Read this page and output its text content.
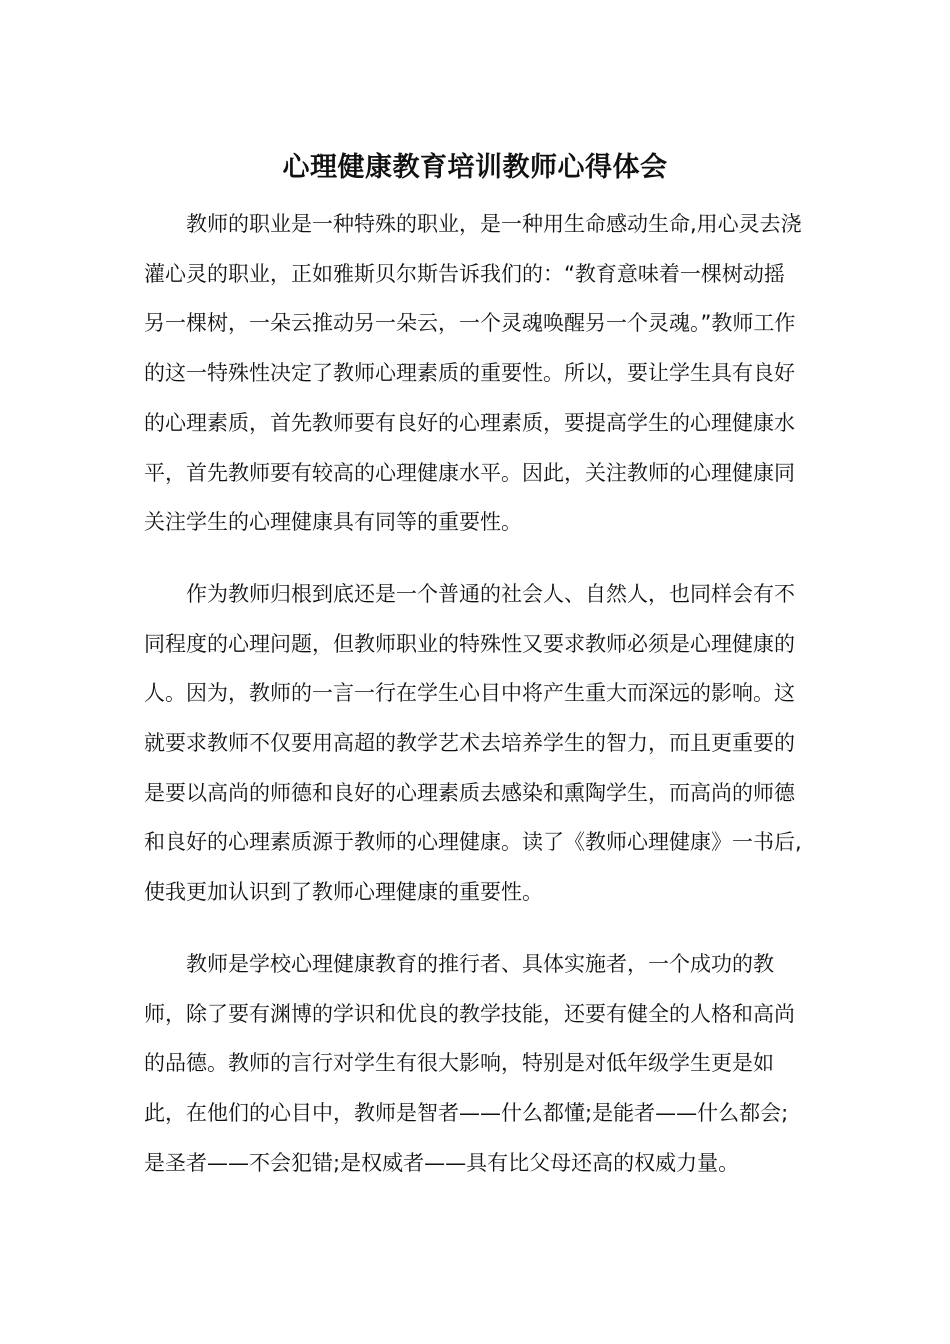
心理健康教育培训教师心得体会

教师的职业是一种特殊的职业，是一种用生命感动生命,用心灵去浇灌心灵的职业，正如雅斯贝尔斯告诉我们的：“教育意味着一棵树动摇另一棵树，一朵云推动另一朵云，一个灵魂唤醒另一个灵魂。”教师工作的这一特殊性决定了教师心理素质的重要性。所以，要让学生具有良好的心理素质，首先教师要有良好的心理素质，要提高学生的心理健康水平，首先教师要有较高的心理健康水平。因此，关注教师的心理健康同关注学生的心理健康具有同等的重要性。

作为教师归根到底还是一个普通的社会人、自然人，也同样会有不同程度的心理问题，但教师职业的特殊性又要求教师必须是心理健康的人。因为，教师的一言一行在学生心目中将产生重大而深远的影响。这就要求教师不仅要用高超的教学艺术去培养学生的智力，而且更重要的是要以高尚的师德和良好的心理素质去感染和熏陶学生，而高尚的师德和良好的心理素质源于教师的心理健康。读了《教师心理健康》一书后,使我更加认识到了教师心理健康的重要性。

教师是学校心理健康教育的推行者、具体实施者，一个成功的教师，除了要有渊博的学识和优良的教学技能，还要有健全的人格和高尚的品德。教师的言行对学生有很大影响，特别是对低年级学生更是如此，在他们的心目中，教师是智者——什么都懂;是能者——什么都会;是圣者——不会犯错;是权威者——具有比父母还高的权威力量。
